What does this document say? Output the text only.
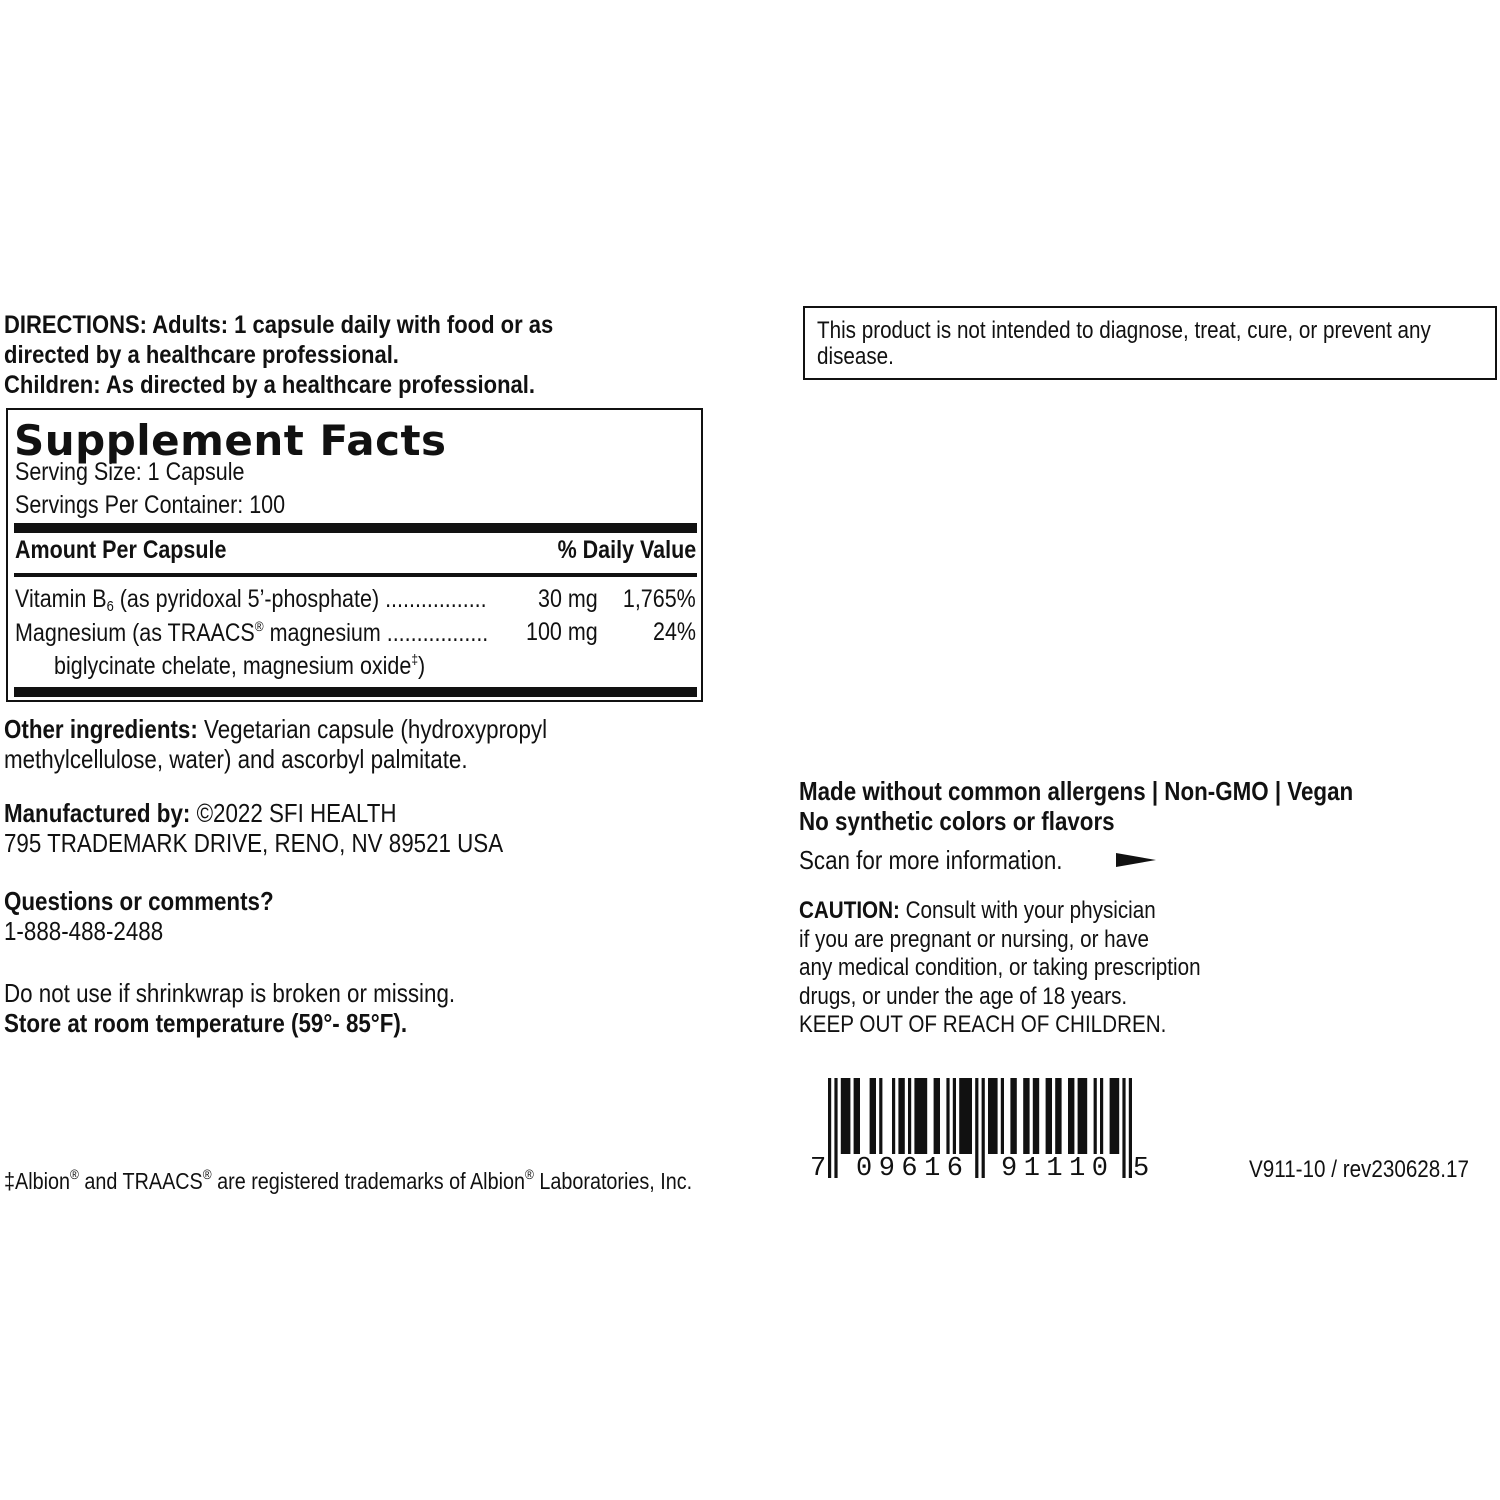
DIRECTIONS: Adults: 1 capsule daily with food or as
directed by a healthcare professional.
Children: As directed by a healthcare professional.
Supplement Facts
Serving Size: 1 Capsule
Servings Per Container: 100
Amount Per Capsule	% Daily Value
Vitamin $B_6$ (as pyridoxal 5’-phosphate) ................. 30 mg	1,765%
Magnesium (as TRAACS® magnesium ................. 100 mg 24%
biglycinate chelate, magnesium oxide‡)
Other ingredients: Vegetarian capsule (hydroxypropyl
methylcellulose, water) and ascorbyl palmitate.
Manufactured by: ©2022 SFI HEALTH
795 TRADEMARK DRIVE, RENO, NV 89521 USA
Questions or comments?
1-888-488-2488
Do not use if shrinkwrap is broken or missing.
Store at room temperature (59°- 85°F).
‡Albion® and TRAACS® are registered trademarks of Albion® Laboratories, Inc.
This product is not intended to diagnose, treat, cure, or prevent any disease.
Made without common allergens | Non-GMO | Vegan
No synthetic colors or flavors
Scan for more information.
CAUTION: Consult with your physician
if you are pregnant or nursing, or have
any medical condition, or taking prescription
drugs, or under the age of 18 years.
KEEP OUT OF REACH OF CHILDREN.
7 09616 91110 5	V911-10 / rev230628.17
